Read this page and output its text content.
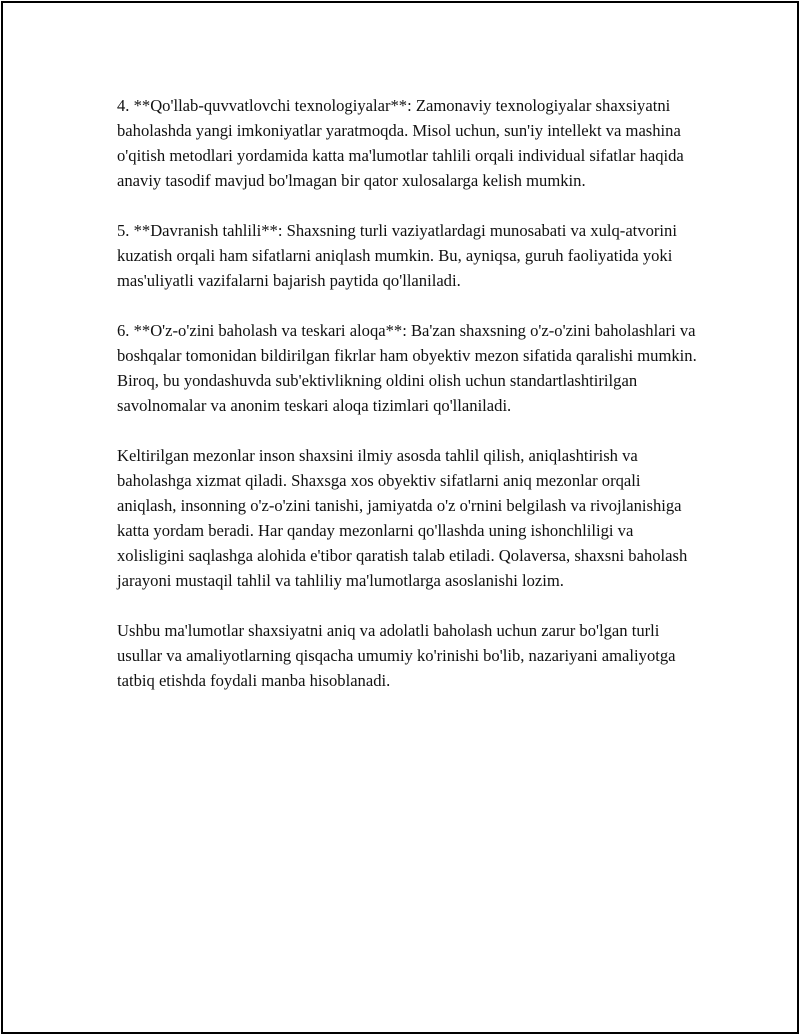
4. **Qo'llab-quvvatlovchi texnologiyalar**: Zamonaviy texnologiyalar shaxsiyatni baholashda yangi imkoniyatlar yaratmoqda. Misol uchun, sun'iy intellekt va mashina o'qitish metodlari yordamida katta ma'lumotlar tahlili orqali individual sifatlar haqida anaviy tasodif mavjud bo'lmagan bir qator xulosalarga kelish mumkin.

5. **Davranish tahlili**: Shaxsning turli vaziyatlardagi munosabati va xulq-atvorini kuzatish orqali ham sifatlarni aniqlash mumkin. Bu, ayniqsa, guruh faoliyatida yoki mas'uliyatli vazifalarni bajarish paytida qo'llaniladi.

6. **O'z-o'zini baholash va teskari aloqa**: Ba'zan shaxsning o'z-o'zini baholashlari va boshqalar tomonidan bildirilgan fikrlar ham obyektiv mezon sifatida qaralishi mumkin. Biroq, bu yondashuvda sub'ektivlikning oldini olish uchun standartlashtirilgan savolnomalar va anonim teskari aloqa tizimlari qo'llaniladi.

Keltirilgan mezonlar inson shaxsini ilmiy asosda tahlil qilish, aniqlashtirish va baholashga xizmat qiladi. Shaxsga xos obyektiv sifatlarni aniq mezonlar orqali aniqlash, insonning o'z-o'zini tanishi, jamiyatda o'z o'rnini belgilash va rivojlanishiga katta yordam beradi. Har qanday mezonlarni qo'llashda uning ishonchliligi va xolisligini saqlashga alohida e'tibor qaratish talab etiladi. Qolaversa, shaxsni baholash jarayoni mustaqil tahlil va tahliliy ma'lumotlarga asoslanishi lozim.

Ushbu ma'lumotlar shaxsiyatni aniq va adolatli baholash uchun zarur bo'lgan turli usullar va amaliyotlarning qisqacha umumiy ko'rinishi bo'lib, nazariyani amaliyotga tatbiq etishda foydali manba hisoblanadi.
